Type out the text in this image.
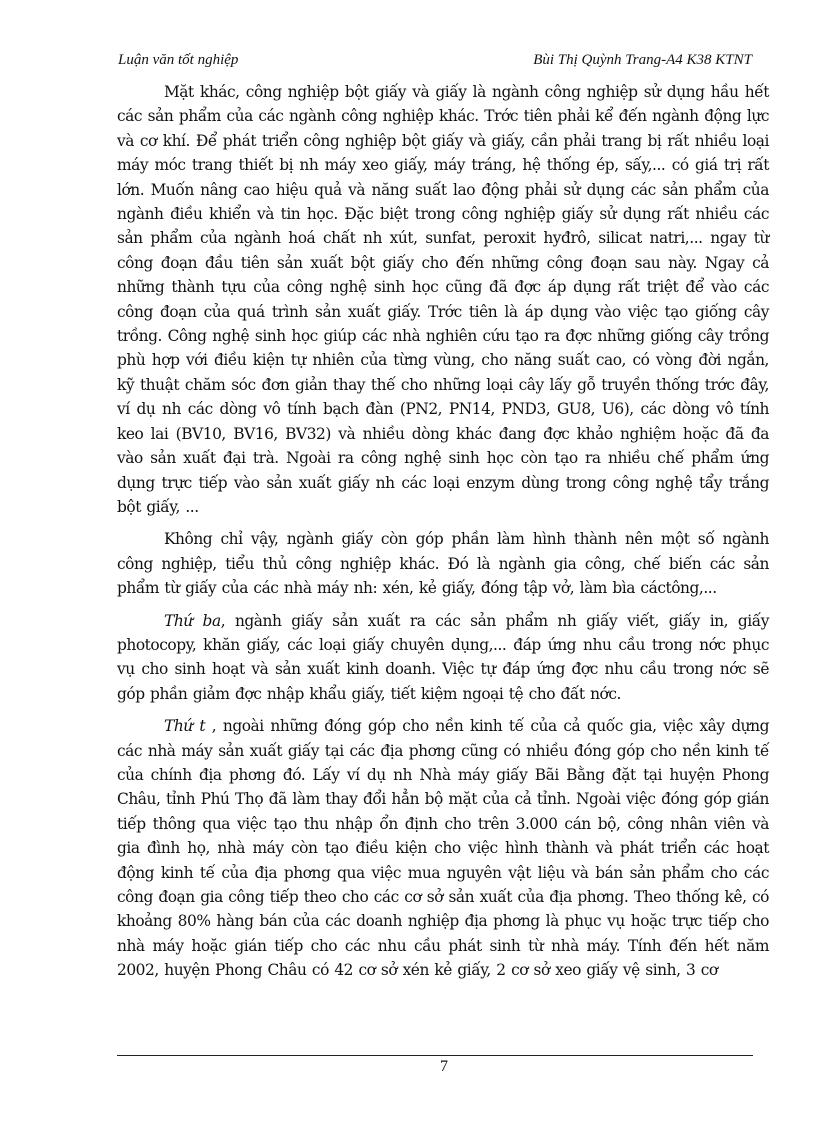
Luận văn tốt nghiệp	Bùi Thị Quỳnh Trang-A4 K38 KTNT

Mặt khác, công nghiệp bột giấy và giấy là ngành công nghiệp sử dụng hầu hết các sản phẩm của các ngành công nghiệp khác. Trớc tiên phải kể đến ngành động lực và cơ khí. Để phát triển công nghiệp bột giấy và giấy, cần phải trang bị rất nhiều loại máy móc trang thiết bị nh máy xeo giấy, máy tráng, hệ thống ép, sấy,... có giá trị rất lớn. Muốn nâng cao hiệu quả và năng suất lao động phải sử dụng các sản phẩm của ngành điều khiển và tin học. Đặc biệt trong công nghiệp giấy sử dụng rất nhiều các sản phẩm của ngành hoá chất nh xút, sunfat, peroxit hyđrô, silicat natri,... ngay từ công đoạn đầu tiên sản xuất bột giấy cho đến những công đoạn sau này. Ngay cả những thành tựu của công nghệ sinh học cũng đã đợc áp dụng rất triệt để vào các công đoạn của quá trình sản xuất giấy. Trớc tiên là áp dụng vào việc tạo giống cây trồng. Công nghệ sinh học giúp các nhà nghiên cứu tạo ra đợc những giống cây trồng phù hợp với điều kiện tự nhiên của từng vùng, cho năng suất cao, có vòng đời ngắn, kỹ thuật chăm sóc đơn giản thay thế cho những loại cây lấy gỗ truyền thống trớc đây, ví dụ nh các dòng vô tính bạch đàn (PN2, PN14, PND3, GU8, U6), các dòng vô tính keo lai (BV10, BV16, BV32) và nhiều dòng khác đang đợc khảo nghiệm hoặc đã đa vào sản xuất đại trà. Ngoài ra công nghệ sinh học còn tạo ra nhiều chế phẩm ứng dụng trực tiếp vào sản xuất giấy nh các loại enzym dùng trong công nghệ tẩy trắng bột giấy, ...

Không chỉ vậy, ngành giấy còn góp phần làm hình thành nên một số ngành công nghiệp, tiểu thủ công nghiệp khác. Đó là ngành gia công, chế biến các sản phẩm từ giấy của các nhà máy nh: xén, kẻ giấy, đóng tập vở, làm bìa cáctông,...

Thứ ba, ngành giấy sản xuất ra các sản phẩm nh giấy viết, giấy in, giấy photocopy, khăn giấy, các loại giấy chuyên dụng,... đáp ứng nhu cầu trong nớc phục vụ cho sinh hoạt và sản xuất kinh doanh. Việc tự đáp ứng đợc nhu cầu trong nớc sẽ góp phần giảm đợc nhập khẩu giấy, tiết kiệm ngoại tệ cho đất nớc.

Thứ t , ngoài những đóng góp cho nền kinh tế của cả quốc gia, việc xây dựng các nhà máy sản xuất giấy tại các địa phơng cũng có nhiều đóng góp cho nền kinh tế của chính địa phơng đó. Lấy ví dụ nh Nhà máy giấy Bãi Bằng đặt tại huyện Phong Châu, tỉnh Phú Thọ đã làm thay đổi hẳn bộ mặt của cả tỉnh. Ngoài việc đóng góp gián tiếp thông qua việc tạo thu nhập ổn định cho trên 3.000 cán bộ, công nhân viên và gia đình họ, nhà máy còn tạo điều kiện cho việc hình thành và phát triển các hoạt động kinh tế của địa phơng qua việc mua nguyên vật liệu và bán sản phẩm cho các công đoạn gia công tiếp theo cho các cơ sở sản xuất của địa phơng. Theo thống kê, có khoảng 80% hàng bán của các doanh nghiệp địa phơng là phục vụ hoặc trực tiếp cho nhà máy hoặc gián tiếp cho các nhu cầu phát sinh từ nhà máy. Tính đến hết năm 2002, huyện Phong Châu có 42 cơ sở xén kẻ giấy, 2 cơ sở xeo giấy vệ sinh, 3 cơ

7
